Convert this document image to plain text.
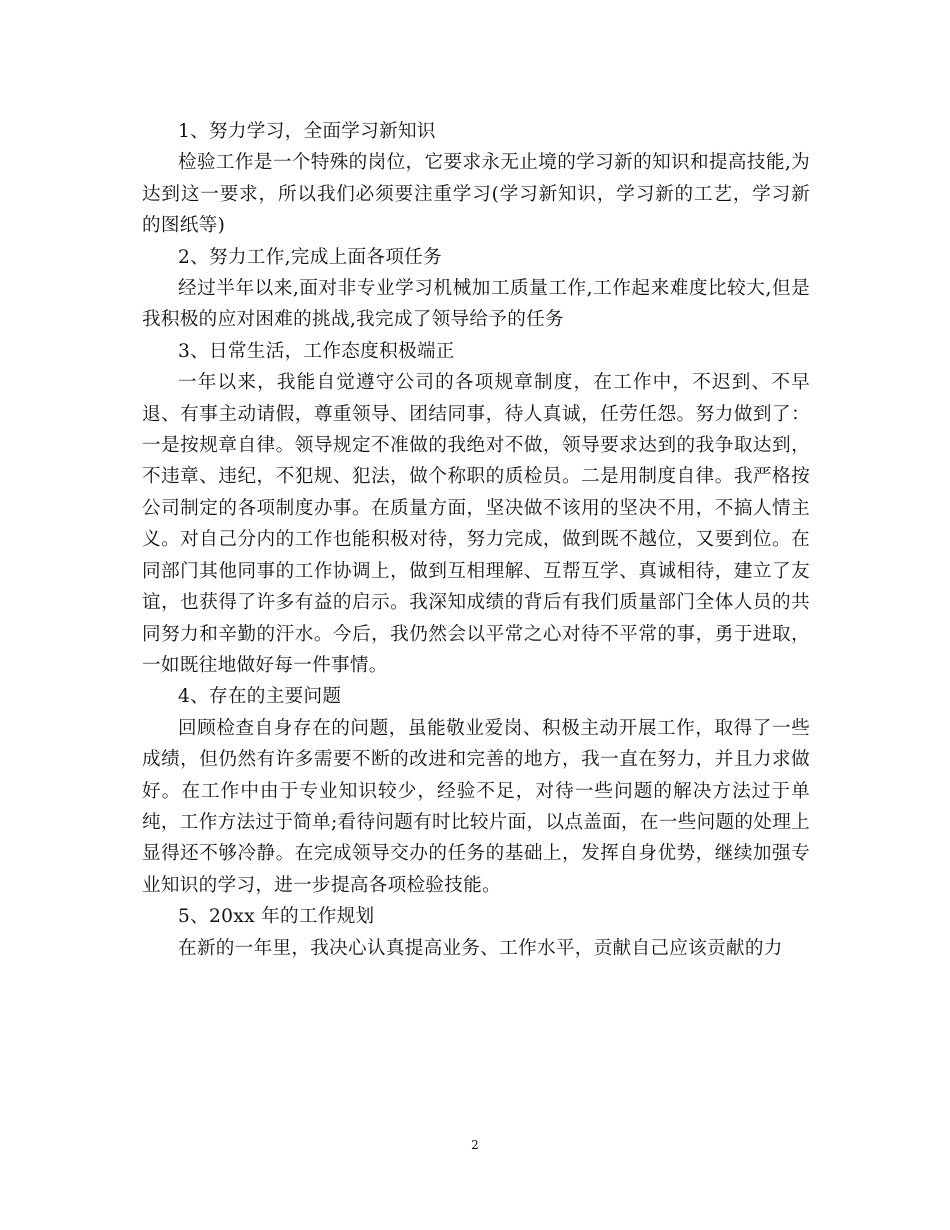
1、努力学习，全面学习新知识

检验工作是一个特殊的岗位，它要求永无止境的学习新的知识和提高技能,为达到这一要求，所以我们必须要注重学习(学习新知识，学习新的工艺，学习新的图纸等)

2、努力工作,完成上面各项任务

经过半年以来,面对非专业学习机械加工质量工作,工作起来难度比较大,但是我积极的应对困难的挑战,我完成了领导给予的任务

3、日常生活，工作态度积极端正

一年以来，我能自觉遵守公司的各项规章制度，在工作中，不迟到、不早退、有事主动请假，尊重领导、团结同事，待人真诚，任劳任怨。努力做到了：一是按规章自律。领导规定不准做的我绝对不做，领导要求达到的我争取达到，不违章、违纪，不犯规、犯法，做个称职的质检员。二是用制度自律。我严格按公司制定的各项制度办事。在质量方面，坚决做不该用的坚决不用，不搞人情主义。对自己分内的工作也能积极对待，努力完成，做到既不越位，又要到位。在同部门其他同事的工作协调上，做到互相理解、互帮互学、真诚相待，建立了友谊，也获得了许多有益的启示。我深知成绩的背后有我们质量部门全体人员的共同努力和辛勤的汗水。今后，我仍然会以平常之心对待不平常的事，勇于进取，一如既往地做好每一件事情。

4、存在的主要问题

回顾检查自身存在的问题，虽能敬业爱岗、积极主动开展工作，取得了一些成绩，但仍然有许多需要不断的改进和完善的地方，我一直在努力，并且力求做好。在工作中由于专业知识较少，经验不足，对待一些问题的解决方法过于单纯，工作方法过于简单;看待问题有时比较片面，以点盖面，在一些问题的处理上显得还不够冷静。在完成领导交办的任务的基础上，发挥自身优势，继续加强专业知识的学习，进一步提高各项检验技能。

5、20xx 年的工作规划

在新的一年里，我决心认真提高业务、工作水平，贡献自己应该贡献的力

2
